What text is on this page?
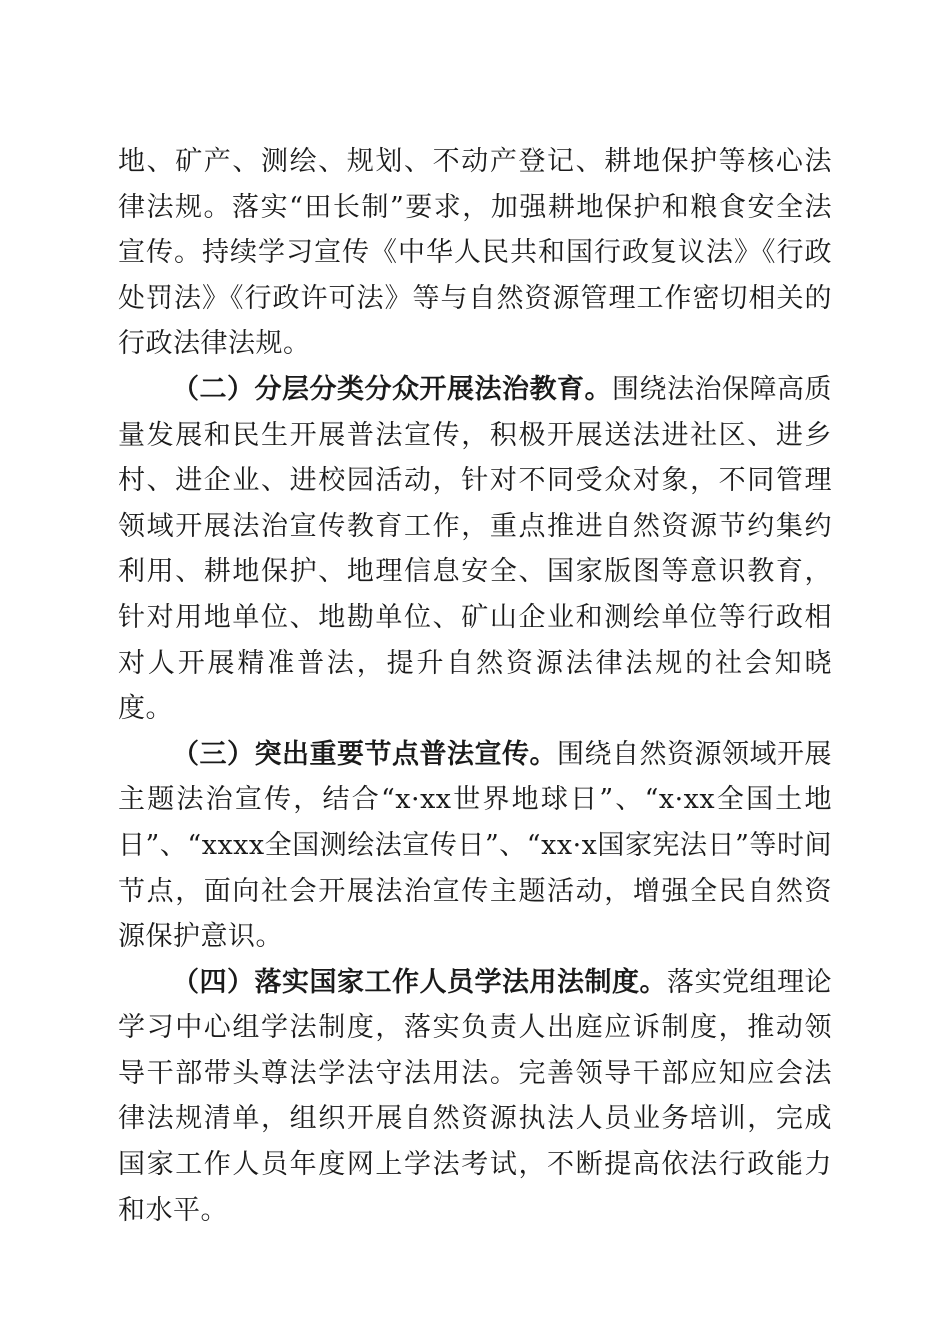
地、矿产、测绘、规划、不动产登记、耕地保护等核心法律法规。落实“田长制”要求，加强耕地保护和粮食安全法宣传。持续学习宣传《中华人民共和国行政复议法》《行政处罚法》《行政许可法》等与自然资源管理工作密切相关的行政法律法规。

（二）分层分类分众开展法治教育。围绕法治保障高质量发展和民生开展普法宣传，积极开展送法进社区、进乡村、进企业、进校园活动，针对不同受众对象，不同管理领域开展法治宣传教育工作，重点推进自然资源节约集约利用、耕地保护、地理信息安全、国家版图等意识教育，针对用地单位、地勘单位、矿山企业和测绘单位等行政相对人开展精准普法，提升自然资源法律法规的社会知晓度。

（三）突出重要节点普法宣传。围绕自然资源领域开展主题法治宣传，结合“x·xx世界地球日”、“x·xx全国土地日”、“xxxx全国测绘法宣传日”、“xx·x国家宪法日”等时间节点，面向社会开展法治宣传主题活动，增强全民自然资源保护意识。

（四）落实国家工作人员学法用法制度。落实党组理论学习中心组学法制度，落实负责人出庭应诉制度，推动领导干部带头尊法学法守法用法。完善领导干部应知应会法律法规清单，组织开展自然资源执法人员业务培训，完成国家工作人员年度网上学法考试，不断提高依法行政能力和水平。
